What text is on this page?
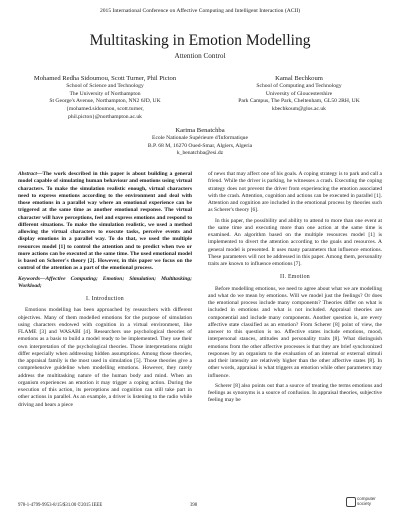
2015 International Conference on Affective Computing and Intelligent Interaction (ACII)
Multitasking in Emotion Modelling
Attention Control
Mohamed Redha Sidoumou, Scott Turner, Phil Picton
School of Science and Technology
The University of Northampton
St George's Avenue, Northampton, NN2 6JD, UK
{mohamed.sidoumou, scott.turner,
phil.picton}@northampton.ac.uk
Kamal Bechkoum
School of Computing and Technology
University of Gloucestershire
Park Campus, The Park, Cheltenham, GL50 2RH, UK
kbechkoum@glos.ac.uk
Karima Benatchba
Ecole Nationale Supérieure d'Informatique
B.P. 68 M, 16270 Oued-Smar, Algiers, Algeria
k_benatchba@esi.dz

Abstract—The work described in this paper is about building a general model capable of simulating human behaviour and emotions using virtual characters. To make the simulation realistic enough, virtual characters need to express emotions according to the environment and deal with those emotions in a parallel way where an emotional experience can be triggered at the same time as another emotional response. The virtual character will have perceptions, feel and express emotions and respond to different situations. To make the simulation realistic, we used a method allowing the virtual characters to execute tasks, perceive events and display emotions in a parallel way. To do that, we used the multiple resources model [1] to control the attention and to predict when two or more actions can be executed at the same time. The used emotional model is based on Scherer's theory [2]. However, in this paper we focus on the control of the attention as a part of the emotional process.

Keywords—Affective Computing; Emotion; Simulation; Multitasking; Workload;

I. Introduction

Emotions modelling has been approached by researchers with different objectives. Many of them modelled emotions for the purpose of simulation using characters endowed with cognition in a virtual environment, like FLAME [3] and WASABI [4]. Researchers use psychological theories of emotions as a basis to build a model ready to be implemented. They use their own interpretation of the psychological theories. Those interpretations might differ especially when addressing hidden assumptions. Among those theories, the appraisal family is the most used in simulation [5]. Those theories give a comprehensive guideline when modelling emotions. However, they rarely address the multitasking nature of the human body and mind. When an organism experiences an emotion it may trigger a coping action. During the execution of this action, its perceptions and cognition can still take part in other actions in parallel. As an example, a driver is listening to the radio while driving and hears a piece

of news that may affect one of his goals. A coping strategy is to park and call a friend. While the driver is parking, he witnesses a crash. Executing the coping strategy does not prevent the driver from experiencing the emotion associated with the crash. Attention, cognition and actions can be executed in parallel [1]. Attention and cognition are included in the emotional process by theories such as Scherer's theory [6].

In this paper, the possibility and ability to attend to more than one event at the same time and executing more than one action at the same time is examined. An algorithm based on the multiple resources model [1] is implemented to divert the attention according to the goals and resources. A general model is presented. It uses many parameters that influence emotions. These parameters will not be addressed in this paper. Among them, personality traits are known to influence emotions [7].

II. Emotion

Before modelling emotions, we need to agree about what we are modelling and what do we mean by emotions. Will we model just the feelings? Or does the emotional process include many components? Theories differ on what is included in emotions and what is not included. Appraisal theories are componential and include many components. Another question is, are every affective state classified as an emotion? From Scherer [8] point of view, the answer to this question is no. Affective states include emotions, mood, interpersonal stances, attitudes and personality traits [8]. What distinguish emotions from the other affective processes is that they are brief synchronized responses by an organism to the evaluation of an internal or external stimuli and their intensity are relatively higher than the other affective states [8]. In other words, appraisal is what triggers an emotion while other parameters may influence.

Scherer [8] also points out that a source of treating the terms emotions and feelings as synonyms is a source of confusion. In appraisal theories, subjective feeling may be

978-1-4799-9953-8/15/$31.00 ©2015 IEEE	398
computer
society
